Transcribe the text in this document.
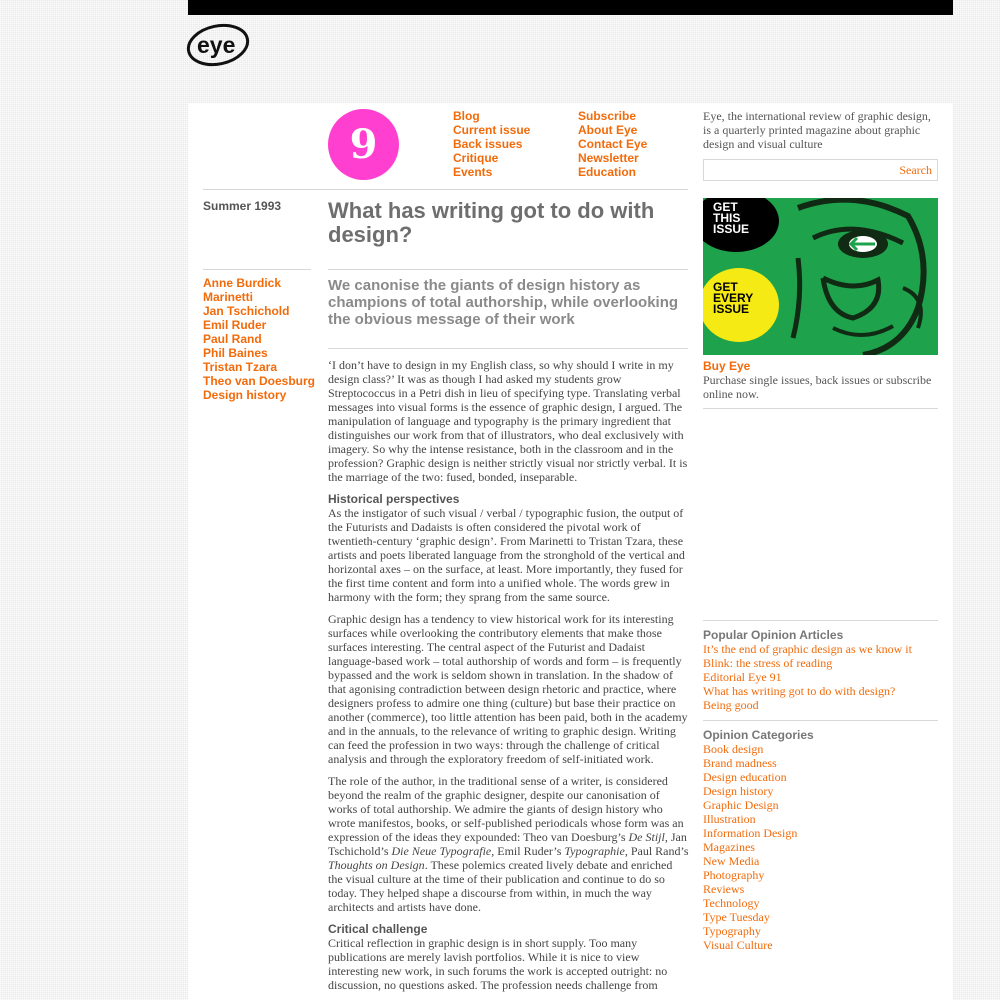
eye
9
Blog
Current issue
Back issues
Critique
Events
Subscribe
About Eye
Contact Eye
Newsletter
Education
Eye, the international review of graphic design, is a quarterly printed magazine about graphic design and visual culture
Search
Summer 1993
Anne Burdick
Marinetti
Jan Tschichold
Emil Ruder
Paul Rand
Phil Baines
Tristan Tzara
Theo van Doesburg
Design history
What has writing got to do with design?
We canonise the giants of design history as champions of total authorship, while overlooking the obvious message of their work

‘I don’t have to design in my English class, so why should I write in my design class?’ It was as though I had asked my students grow Streptococcus in a Petri dish in lieu of specifying type. Translating verbal messages into visual forms is the essence of graphic design, I argued. The manipulation of language and typography is the primary ingredient that distinguishes our work from that of illustrators, who deal exclusively with imagery. So why the intense resistance, both in the classroom and in the profession? Graphic design is neither strictly visual nor strictly verbal. It is the marriage of the two: fused, bonded, inseparable.

Historical perspectives

As the instigator of such visual / verbal / typographic fusion, the output of the Futurists and Dadaists is often considered the pivotal work of twentieth-century ‘graphic design’. From Marinetti to Tristan Tzara, these artists and poets liberated language from the stronghold of the vertical and horizontal axes – on the surface, at least. More importantly, they fused for the first time content and form into a unified whole. The words grew in harmony with the form; they sprang from the same source.

Graphic design has a tendency to view historical work for its interesting surfaces while overlooking the contributory elements that make those surfaces interesting. The central aspect of the Futurist and Dadaist language-based work – total authorship of words and form – is frequently bypassed and the work is seldom shown in translation. In the shadow of that agonising contradiction between design rhetoric and practice, where designers profess to admire one thing (culture) but base their practice on another (commerce), too little attention has been paid, both in the academy and in the annuals, to the relevance of writing to graphic design. Writing can feed the profession in two ways: through the challenge of critical analysis and through the exploratory freedom of self-initiated work.

The role of the author, in the traditional sense of a writer, is considered beyond the realm of the graphic designer, despite our canonisation of works of total authorship. We admire the giants of design history who wrote manifestos, books, or self-published periodicals whose form was an expression of the ideas they expounded: Theo van Doesburg’s De Stijl, Jan Tschichold’s Die Neue Typografie, Emil Ruder’s Typographie, Paul Rand’s Thoughts on Design. These polemics created lively debate and enriched the visual culture at the time of their publication and continue to do so today. They helped shape a discourse from within, in much the way architects and artists have done.

Critical challenge

Critical reflection in graphic design is in short supply. Too many publications are merely lavish portfolios. While it is nice to view interesting new work, in such forums the work is accepted outright: no discussion, no questions asked. The profession needs challenge from

GET
THIS
ISSUE
GET
EVERY
ISSUE
Buy Eye
Purchase single issues, back issues or subscribe online now.
Popular Opinion Articles
It’s the end of graphic design as we know it
Blink: the stress of reading
Editorial Eye 91
What has writing got to do with design?
Being good
Opinion Categories
Book design
Brand madness
Design education
Design history
Graphic Design
Illustration
Information Design
Magazines
New Media
Photography
Reviews
Technology
Type Tuesday
Typography
Visual Culture
